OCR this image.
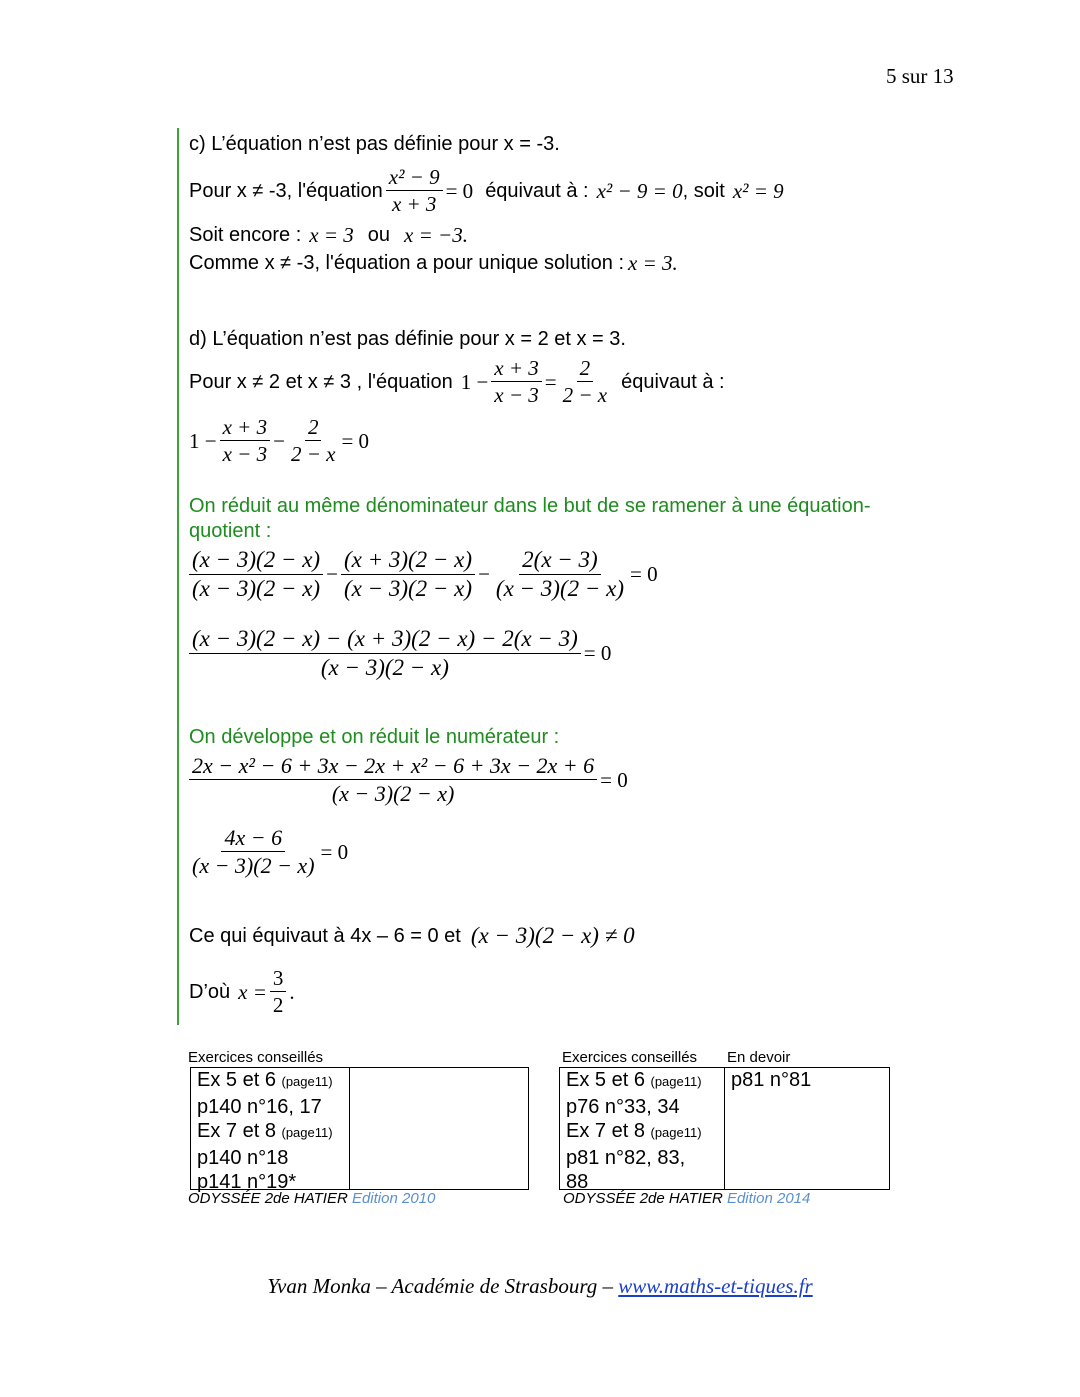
5 sur 13
c) L’équation n’est pas définie pour x = -3.
Pour x ≠ -3, l'équation $\frac{\text{x² − 9}}{x + 3} = 0$ équivaut à : x² − 9 = 0 , soit x² = 9
Soit encore : x = 3 ou x = −3.
Comme x ≠ -3, l'équation a pour unique solution : x = 3.
d) L’équation n’est pas définie pour x = 2 et x = 3.
Pour x ≠ 2 et x ≠ 3 , l'équation $1 - \frac{x + 3}{x - 3} = \frac{2}{2 - x}$ équivaut à :
$1 - \frac{x + 3}{x - 3} - \frac{2}{2 - x} = 0$
On réduit au même dénominateur dans le but de se ramener à une équation-
quotient :
$\frac{(x - 3)(2 - x)}{(x - 3)(2 - x)} - \frac{(x + 3)(2 - x)}{(x - 3)(2 - x)} - \frac{2(x - 3)}{(x - 3)(2 - x)} = 0$
$\frac{(x - 3)(2 - x) - (x + 3)(2 - x) - 2(x - 3)}{(x - 3)(2 - x)} = 0$
On développe et on réduit le numérateur :
$\frac{\text{2x − x² − 6 + 3x − 2x + x² − 6 + 3x − 2x + 6}}{(x - 3)(2 - x)} = 0$
$\frac{4x - 6}{(x - 3)(2 - x)} = 0$
Ce qui équivaut à 4x – 6 = 0 et (x − 3)(2 − x) ≠ 0
D’où $x = \frac{3}{2}$ .
Exercices conseillés
Ex 5 et 6 (page11)
p140 n°16, 17
Ex 7 et 8 (page11)
p140 n°18
p141 n°19*
ODYSSÉE 2de HATIER Edition 2010
Exercices conseillés En devoir
Ex 5 et 6 (page11)
p76 n°33, 34
Ex 7 et 8 (page11)
p81 n°82, 83,
88
p81 n°81
ODYSSÉE 2de HATIER Edition 2014
Yvan Monka – Académie de Strasbourg – www.maths-et-tiques.fr
